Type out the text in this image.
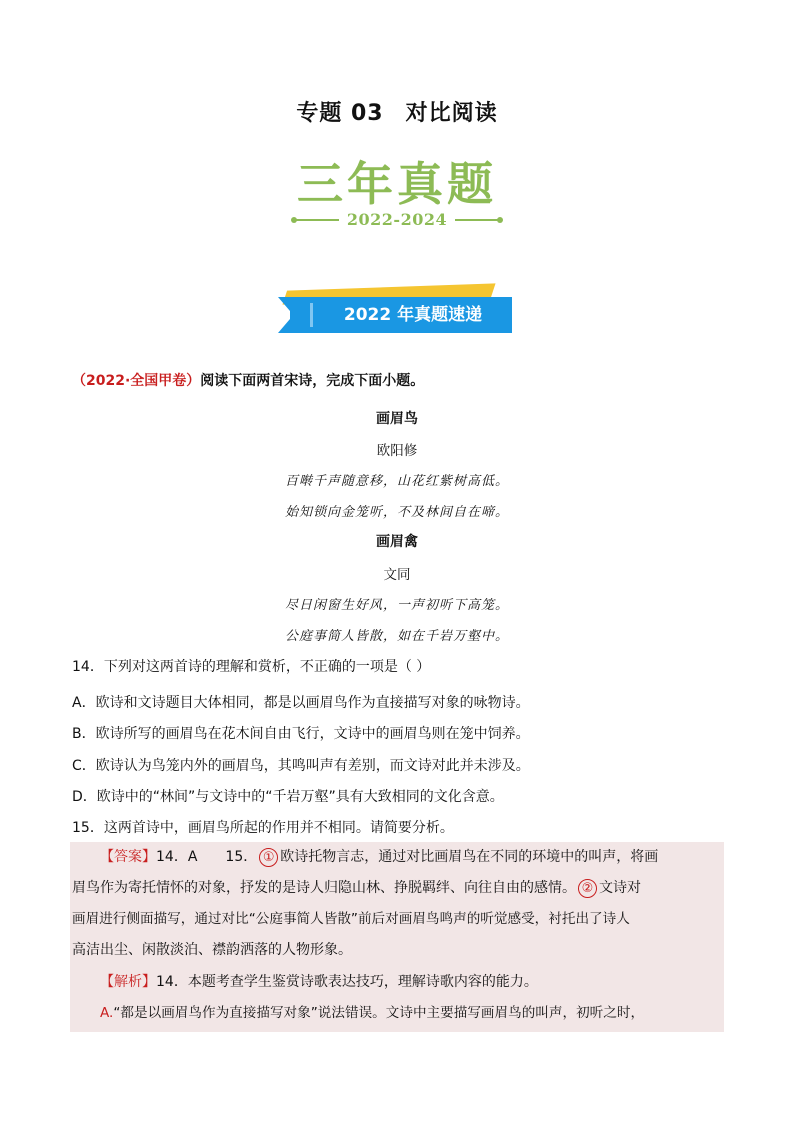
专题 03 对比阅读
三年真题
2022-2024
2022 年真题速递
（2022·全国甲卷）阅读下面两首宋诗，完成下面小题。
画眉鸟
欧阳修
百啭千声随意移，山花红紫树高低。
始知锁向金笼听，不及林间自在啼。
画眉禽
文同
尽日闲窗生好风，一声初听下高笼。
公庭事简人皆散，如在千岩万壑中。
14．下列对这两首诗的理解和赏析，不正确的一项是（ ）
A．欧诗和文诗题目大体相同，都是以画眉鸟作为直接描写对象的咏物诗。
B．欧诗所写的画眉鸟在花木间自由飞行，文诗中的画眉鸟则在笼中饲养。
C．欧诗认为鸟笼内外的画眉鸟，其鸣叫声有差别，而文诗对此并未涉及。
D．欧诗中的“林间”与文诗中的“千岩万壑”具有大致相同的文化含意。
15．这两首诗中，画眉鸟所起的作用并不相同。请简要分析。
【答案】14．A 15． ① 欧诗托物言志，通过对比画眉鸟在不同的环境中的叫声，将画
眉鸟作为寄托情怀的对象，抒发的是诗人归隐山林、挣脱羁绊、向往自由的感情。 ② 文诗对
画眉进行侧面描写，通过对比“公庭事简人皆散”前后对画眉鸟鸣声的听觉感受，衬托出了诗人
高洁出尘、闲散淡泊、襟韵洒落的人物形象。
【解析】14．本题考查学生鉴赏诗歌表达技巧，理解诗歌内容的能力。
A.“都是以画眉鸟作为直接描写对象”说法错误。文诗中主要描写画眉鸟的叫声，初听之时，
